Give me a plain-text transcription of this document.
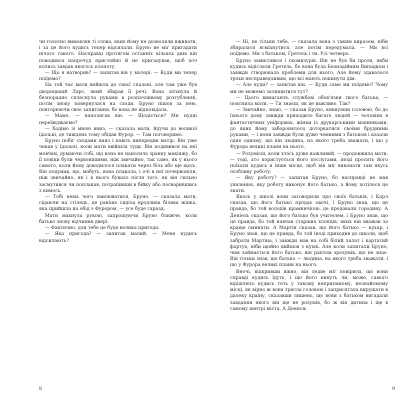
чи голосно вимовляв ті слова, яких йому не дозволяли вживати, і за це його кудись тепер відсилали. Бруно не міг пригадати нічого такого. Насправді протягом останніх кількох днів він поводився напрочуд пристойно й не пригадував, щоб хоч колись завдав якогось клопоту.

— Що я натворив? — запитав він у матері. — Куди ми тепер поїдемо?

На той час мати вийшла до своєї спальні, але там уже був дворецький Ларс, який збирав її речі. Вона зітхнула й безпорадно сплеснула руками в розпачливому розгубленні, потім знову повернулася на сходи. Бруно пішов за нею, повторюючи своє запитання, бо вона не відповідала.

— Мамо, — наполягав він. — Щодіється? Ми нудні переїжджаємо?

— Ходімо зі мною вниз, — сказала мати, йдучи до великої їдальні, де тиждень тому обідав Фурор. — Там поговоримо.

Бруно побіг сходами вниз і навіть випередив матір. Він уже чекав у їдальні, коли мати ввійшла туди. Він подивився на неї мовчки, думаючи собі, що вона не наносила зранку макіяжу, бо її повіки були червонішими, ніж звичайно, так само, як у нього самого, коли йому доводилося плакати через біль або ще щось. Він подумав, що, мабуть, вона плакала, і очі в неї почервоніли, ніж звичайно, як і в нього бувало після того, як він сильно засмутився чи поплакав, потрапивши в бійку або посварившись з кимось.

— Тобі нема чого хвилюватися, Бруно, — сказала мати, сідаючи на стілець, де раніше сиділа вродлива білява жінка, яка прийшла на обід з Фурором, — усе буде гаразд.

Мати махнула рукою, запрошуючи Бруно ближче, коли батько знову відчинив двері.

— Фактично, для тебе це буде велика пригода.

— Яка пригода? — запитав малий. — Мене кудись відсилають?

— Ні, не тільки тебе, — сказала вона з таким виразом, ніби збиралася всміхнутися, але потім передумала. — Ми всі поїдемо. Ми з батьком, Гретель і ти. Усі четверо.

Бруно замислився і скомизурів. Він не був би проти, якби кудись відіслали Гретель, бо вона була Безнадійним Випадком і завжди створювала проблеми для нього. Але йому здавалося трохи несправедливим, що всі мають покинути дім.

— Але куди? — запитав він. — Куди саме ми поїдемо? Чому ми не можемо залишитися тут?

— Цього вимагають службові обов'язки твого батька, — пояснила мати. — Ти знаєш, як це важливо. Так?

— Звичайно, знаю, — сказав Бруно, кивнувши головою, бо до їхнього дому завжди приходило багато людей — чоловіки в фантастичних уніформах, жінки із друкарськими машинками, до яких йому заборонялося доторкатися своїми брудними руками, — і вони завжди були дуже чемними з батьком і казали одне одному, що він людина, на якого треба зважати, і що у Фурора великі плани на нього.

— Розумієш, коли хтось дуже важливий, — продовжила мати, — тоді, хто користується його послугами, іноді просить його поїхати кудись в інше місце, щоб він міг виконати там якусь особливу роботу.

— Яку роботу? — запитав Бруно, бо насправді не мав уявлення, яку роботу виконує його батько, а йому хотілося це знати.

Якось у школі вони заговорили про своїх батьків, і Карл сказав, що його батько продає овочі, і Бруно знав, що це правда, бо той володів крамничкою, де продавали городину. А Деніель сказав, що його батько був учителем, і Бруно знав, що це правда, бо той навчав старших хлопців, яких він вважав за краще оминати. А Мартін сказав, що його батько — кухар, і Бруно знав, що це правда, бо той іноді приходив до школи, щоб забрати Мартіна, і завжди мав на собі білий халат і картатий фартух, ніби щойно вийшов з кухні. Але коли запитали Бруно, чим займається його батько, він раптом зрозумів, що не знає. Він тільки знав, що батько — людина, на якого треба зважати, і що у Фурора великі плани на нього.

Вночі, відкривши вікно, він ледве міг повірити, що вони справді кудись їдуть, і що його кинуть чи, може, самого відішлють кудись геть у такому неприємному, незнайомому місці, як вірно ж вона трясла головою і заприсягала вирушати в далеку країну, сказавши лишень, що вони з батьком вигадали завдання якого він ще не розумів, бо ж він дитина і ще в самому центрі міста. А Деніель

8	9
